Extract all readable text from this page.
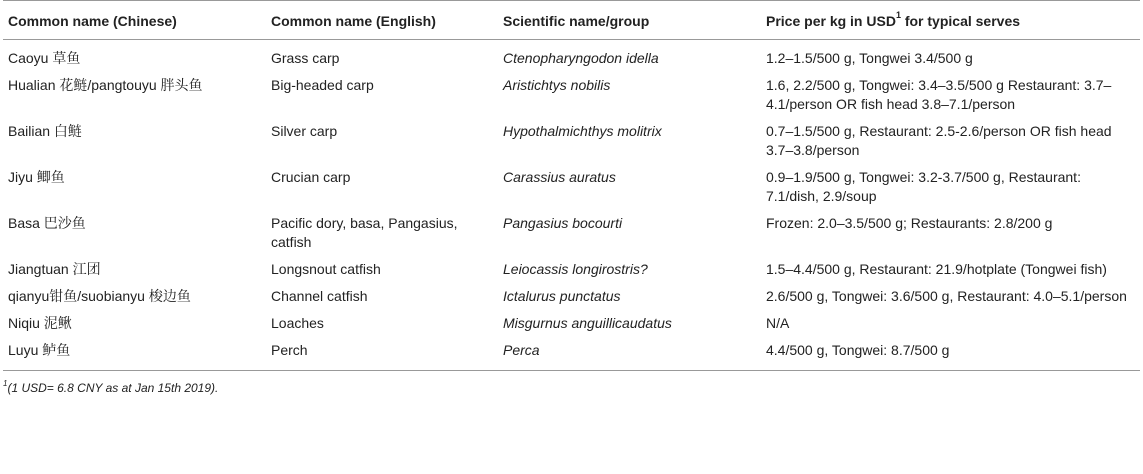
Common name (Chinese)	Common name (English)	Scientific name/group	Price per kg in USD$^1$ for typical serves
Caoyu 草鱼	Grass carp	Ctenopharyngodon idella	1.2–1.5/500 g, Tongwei 3.4/500 g
Hualian 花鲢/pangtouyu 胖头鱼	Big-headed carp	Aristichtys nobilis	1.6, 2.2/500 g, Tongwei: 3.4–3.5/500 g Restaurant: 3.7–4.1/person OR fish head 3.8–7.1/person
Bailian 白鲢	Silver carp	Hypothalmichthys molitrix	0.7–1.5/500 g, Restaurant: 2.5-2.6/person OR fish head 3.7–3.8/person
Jiyu 鲫鱼	Crucian carp	Carassius auratus	0.9–1.9/500 g, Tongwei: 3.2-3.7/500 g, Restaurant: 7.1/dish, 2.9/soup
Basa 巴沙鱼	Pacific dory, basa, Pangasius, catfish	Pangasius bocourti	Frozen: 2.0–3.5/500 g; Restaurants: 2.8/200 g
Jiangtuan 江团	Longsnout catfish	Leiocassis longirostris?	1.5–4.4/500 g, Restaurant: 21.9/hotplate (Tongwei fish)
qianyu钳鱼/suobianyu 梭边鱼	Channel catfish	Ictalurus punctatus	2.6/500 g, Tongwei: 3.6/500 g, Restaurant: 4.0–5.1/person
Niqiu 泥鳅	Loaches	Misgurnus anguillicaudatus	N/A
Luyu 鲈鱼	Perch	Perca	4.4/500 g, Tongwei: 8.7/500 g
$^1$(1 USD= 6.8 CNY as at Jan 15th 2019).
